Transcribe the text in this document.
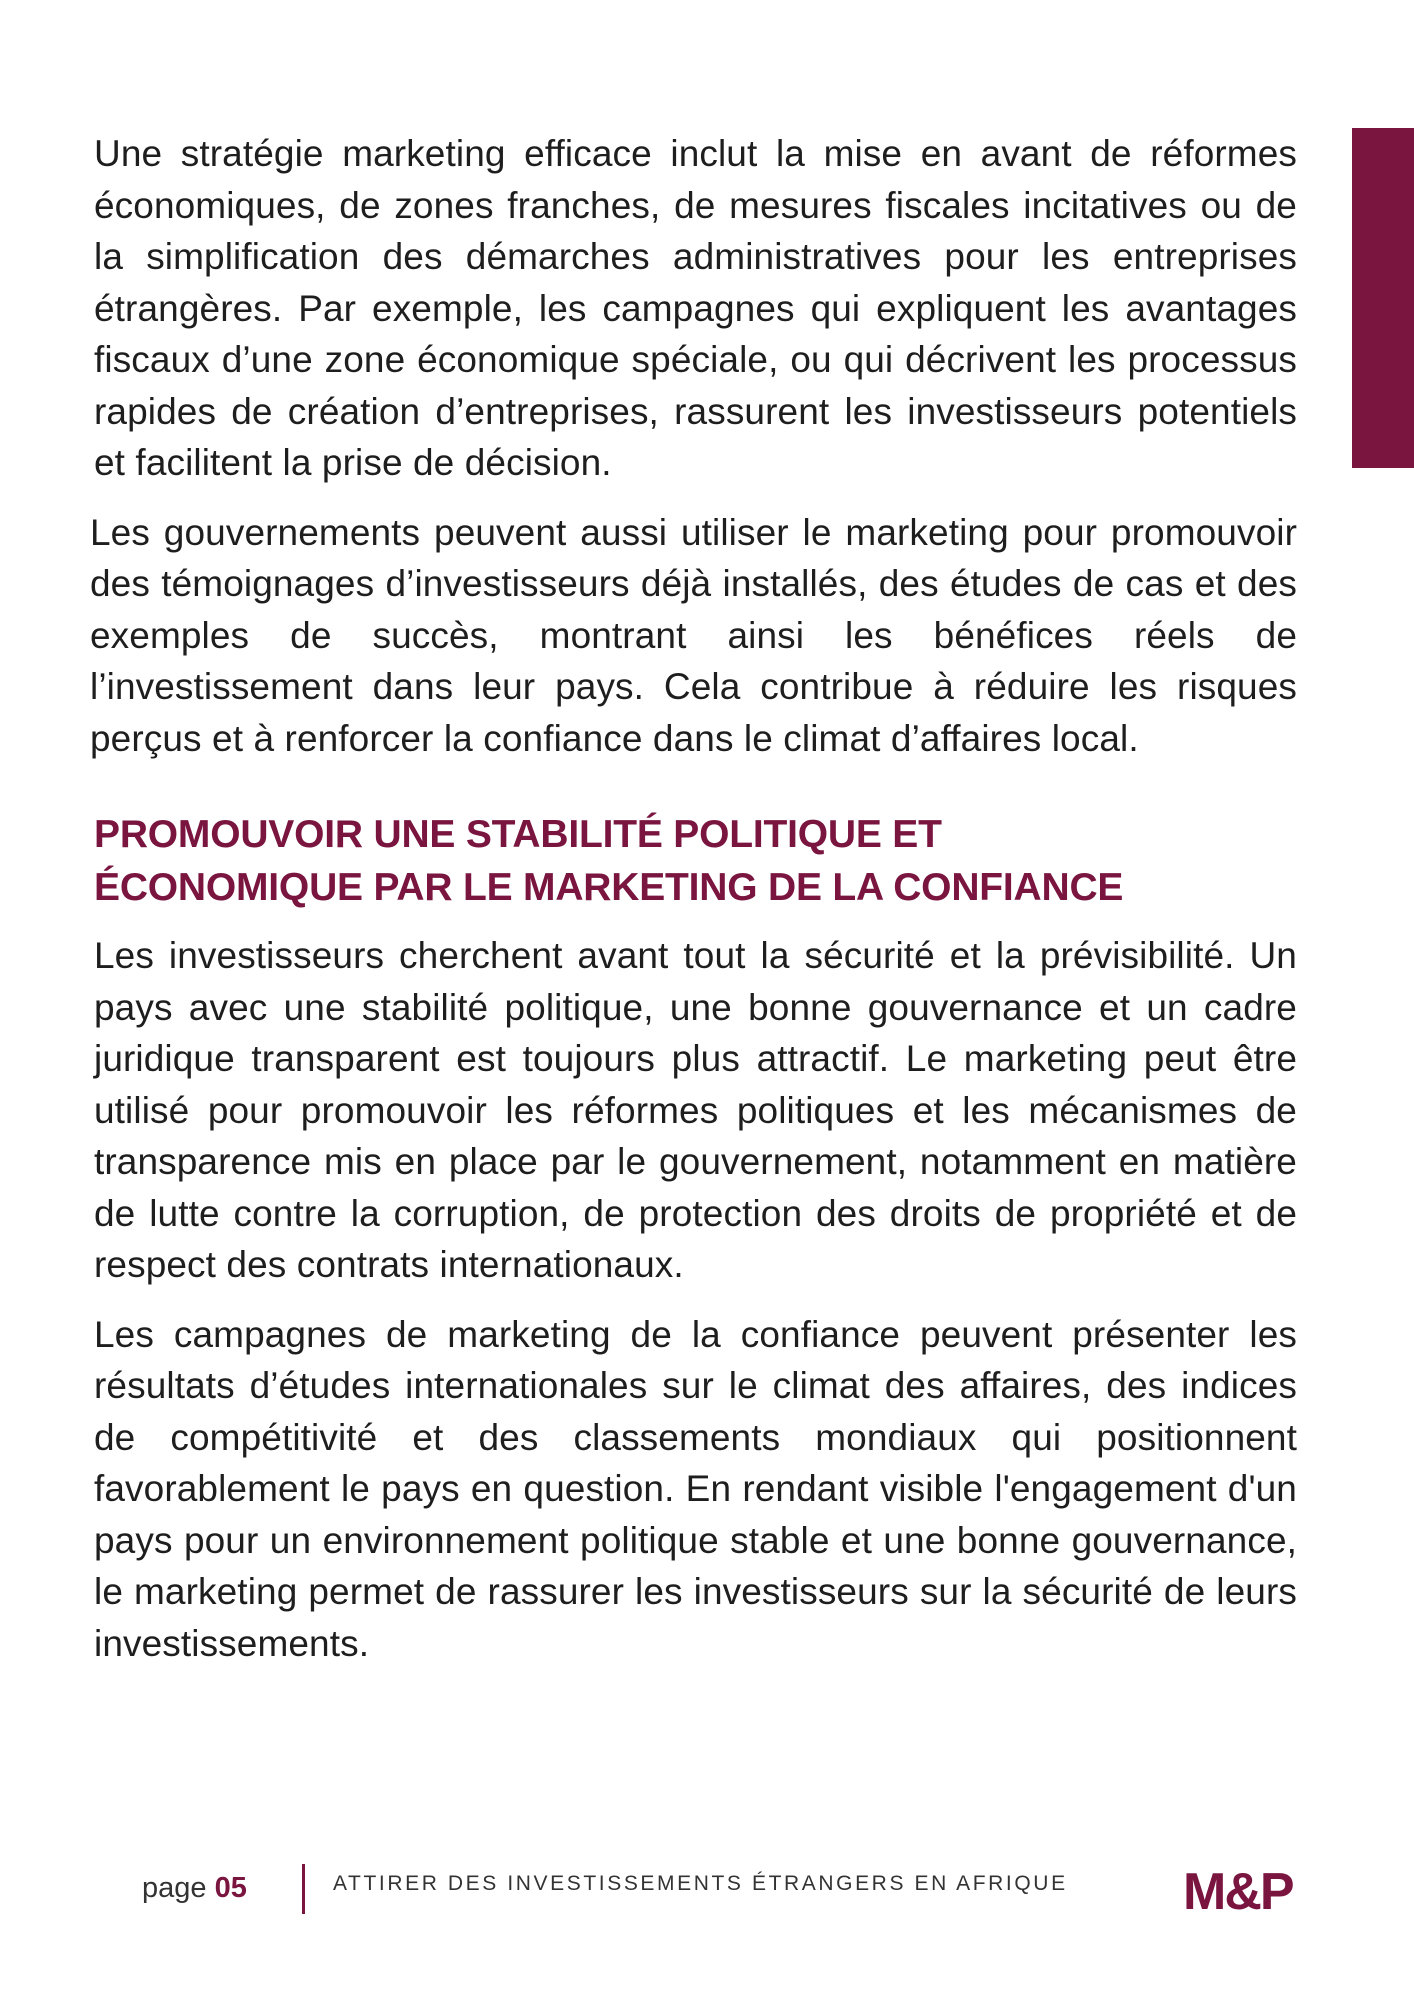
Une stratégie marketing efficace inclut la mise en avant de réformes économiques, de zones franches, de mesures fiscales incitatives ou de la simplification des démarches administratives pour les entreprises étrangères. Par exemple, les campagnes qui expliquent les avantages fiscaux d’une zone économique spéciale, ou qui décrivent les processus rapides de création d’entreprises, rassurent les investisseurs potentiels et facilitent la prise de décision.

Les gouvernements peuvent aussi utiliser le marketing pour promouvoir des témoignages d’investisseurs déjà installés, des études de cas et des exemples de succès, montrant ainsi les bénéfices réels de l’investissement dans leur pays. Cela contribue à réduire les risques perçus et à renforcer la confiance dans le climat d’affaires local.

PROMOUVOIR UNE STABILITÉ POLITIQUE ET
ÉCONOMIQUE PAR LE MARKETING DE LA CONFIANCE

Les investisseurs cherchent avant tout la sécurité et la prévisibilité. Un pays avec une stabilité politique, une bonne gouvernance et un cadre juridique transparent est toujours plus attractif. Le marketing peut être utilisé pour promouvoir les réformes politiques et les mécanismes de transparence mis en place par le gouvernement, notamment en matière de lutte contre la corruption, de protection des droits de propriété et de respect des contrats internationaux.

Les campagnes de marketing de la confiance peuvent présenter les résultats d’études internationales sur le climat des affaires, des indices de compétitivité et des classements mondiaux qui positionnent favorablement le pays en question. En rendant visible l'engagement d'un pays pour un environnement politique stable et une bonne gouvernance, le marketing permet de rassurer les investisseurs sur la sécurité de leurs investissements.

page 05	ATTIRER DES INVESTISSEMENTS ÉTRANGERS EN AFRIQUE M&P
